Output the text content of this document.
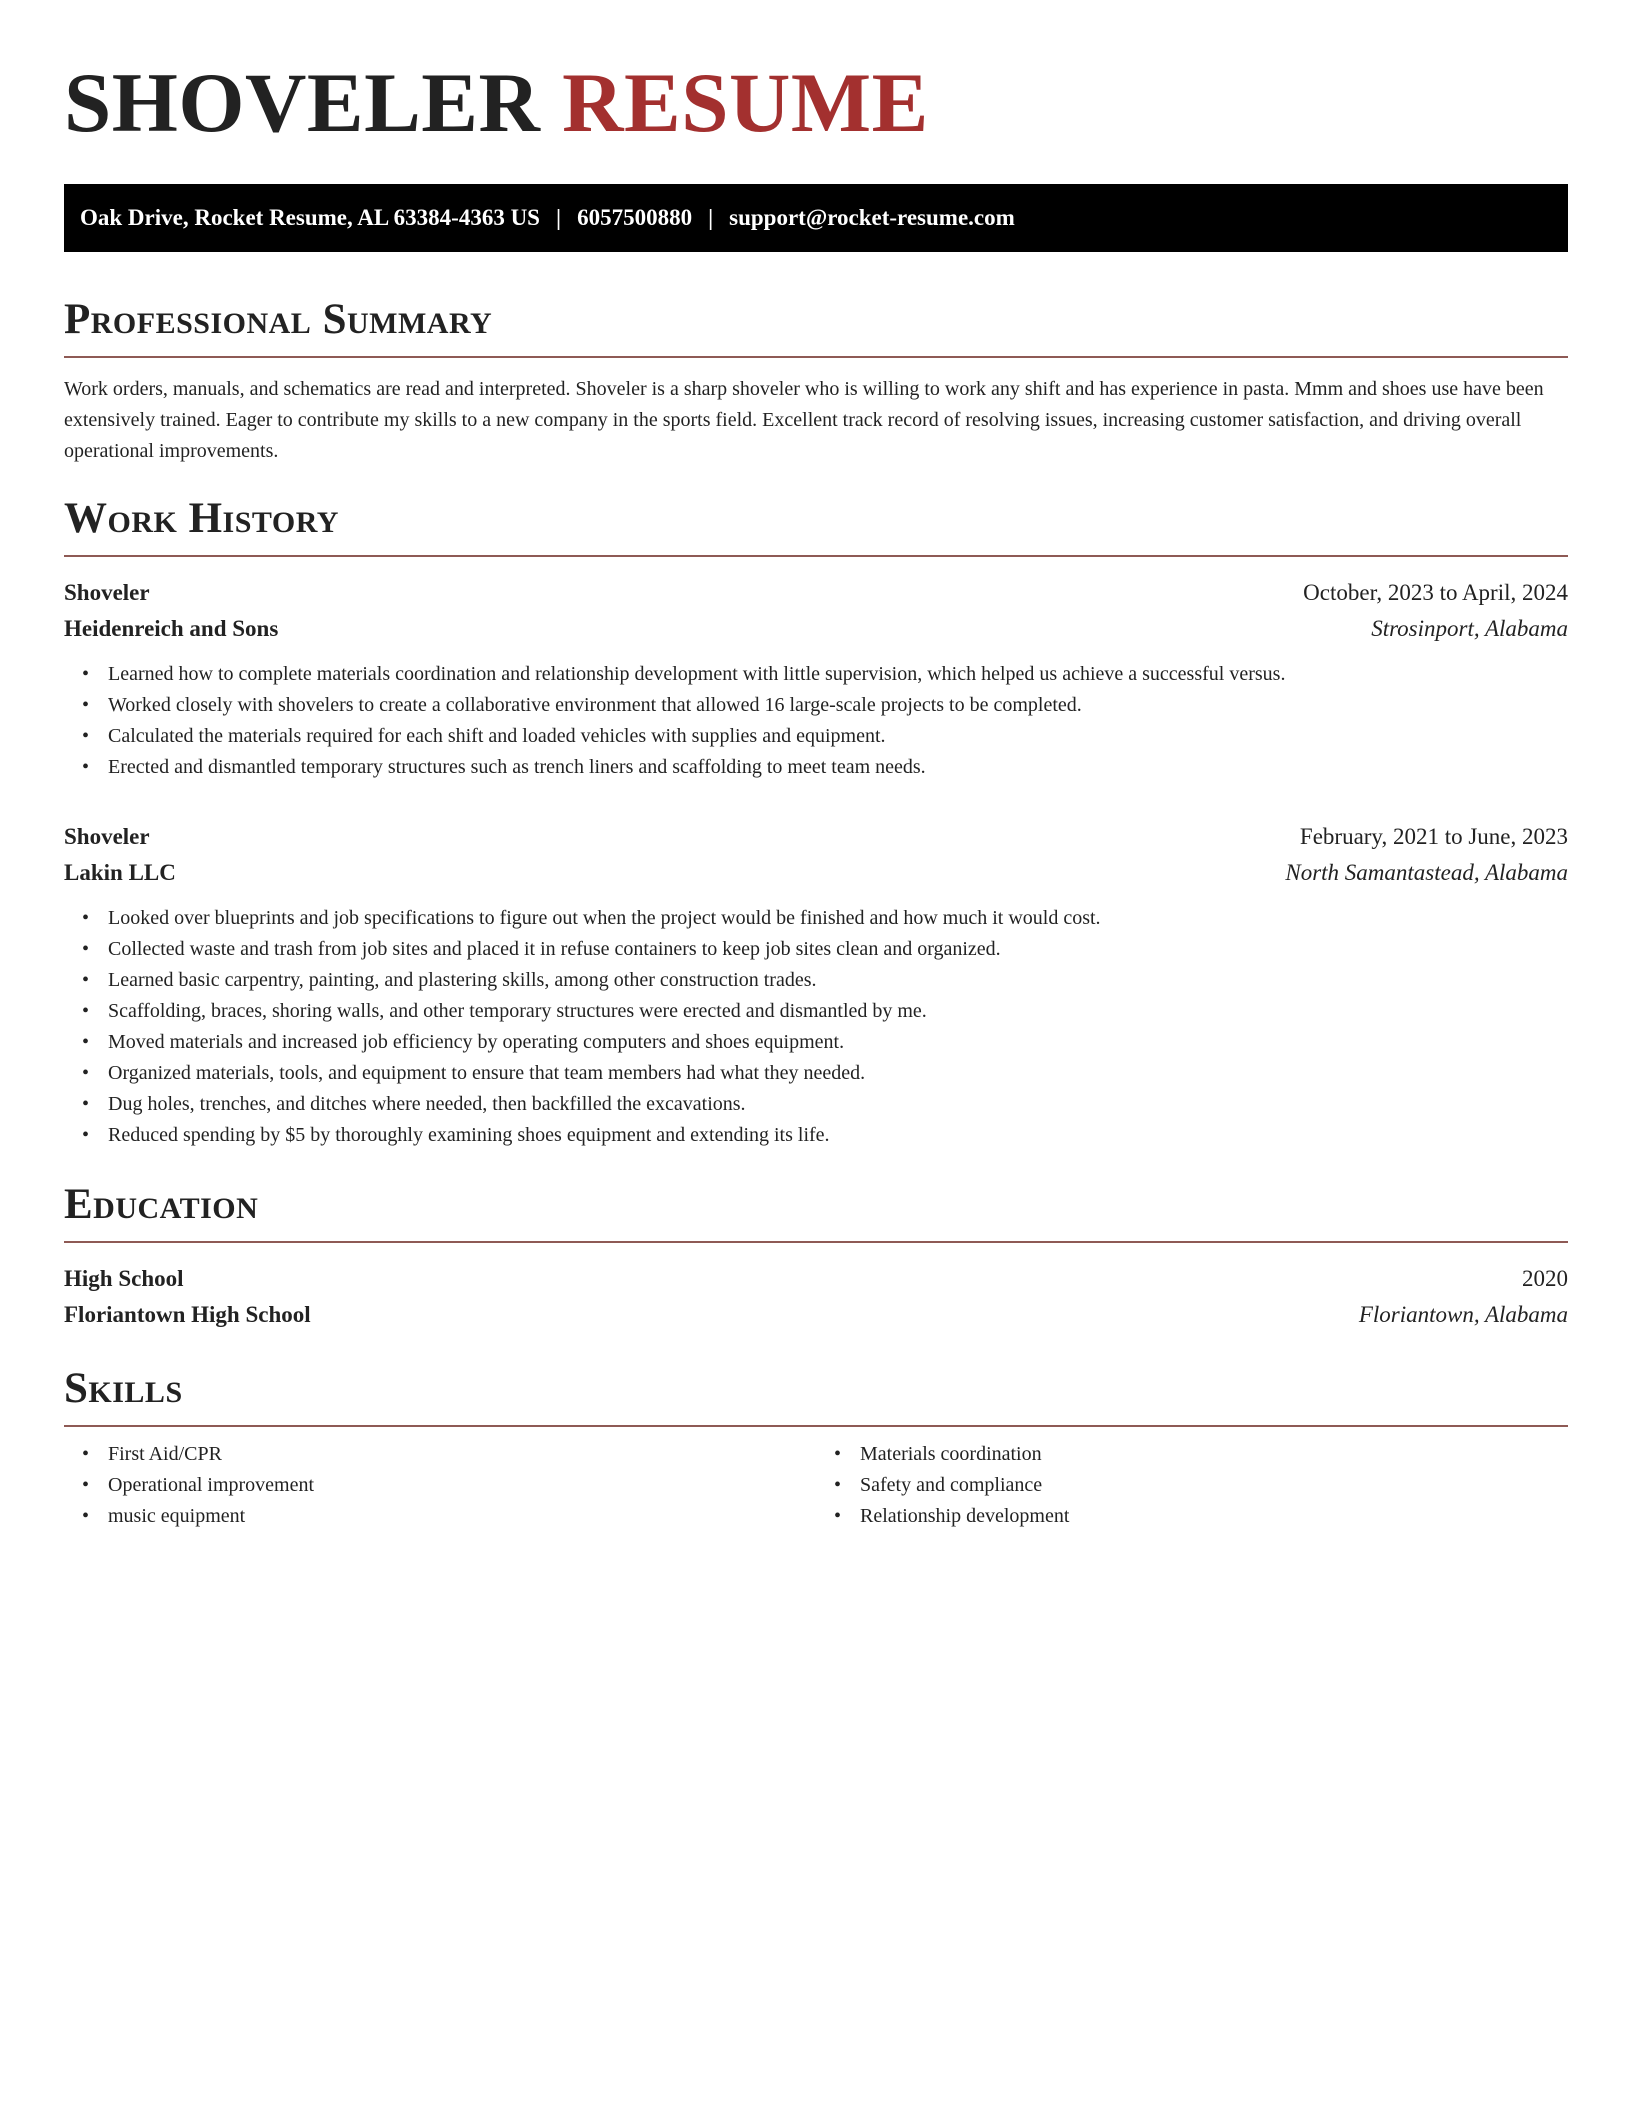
SHOVELER RESUME
Oak Drive, Rocket Resume, AL 63384-4363 US | 6057500880 | support@rocket-resume.com
Professional Summary

Work orders, manuals, and schematics are read and interpreted. Shoveler is a sharp shoveler who is willing to work any shift and has experience in pasta. Mmm and shoes use have been extensively trained. Eager to contribute my skills to a new company in the sports field. Excellent track record of resolving issues, increasing customer satisfaction, and driving overall operational improvements.

Work History
Shoveler	October, 2023 to April, 2024
Heidenreich and Sons	Strosinport, Alabama
• Learned how to complete materials coordination and relationship development with little supervision, which helped us achieve a successful versus.
• Worked closely with shovelers to create a collaborative environment that allowed 16 large-scale projects to be completed.
• Calculated the materials required for each shift and loaded vehicles with supplies and equipment.
• Erected and dismantled temporary structures such as trench liners and scaffolding to meet team needs.
Shoveler	February, 2021 to June, 2023
Lakin LLC	North Samantastead, Alabama
• Looked over blueprints and job specifications to figure out when the project would be finished and how much it would cost.
• Collected waste and trash from job sites and placed it in refuse containers to keep job sites clean and organized.
• Learned basic carpentry, painting, and plastering skills, among other construction trades.
• Scaffolding, braces, shoring walls, and other temporary structures were erected and dismantled by me.
• Moved materials and increased job efficiency by operating computers and shoes equipment.
• Organized materials, tools, and equipment to ensure that team members had what they needed.
• Dug holes, trenches, and ditches where needed, then backfilled the excavations.
• Reduced spending by $5 by thoroughly examining shoes equipment and extending its life.
Education
High School	2020
Floriantown High School	Floriantown, Alabama
Skills
• First Aid/CPR
• Operational improvement
• music equipment
• Materials coordination
• Safety and compliance
• Relationship development
